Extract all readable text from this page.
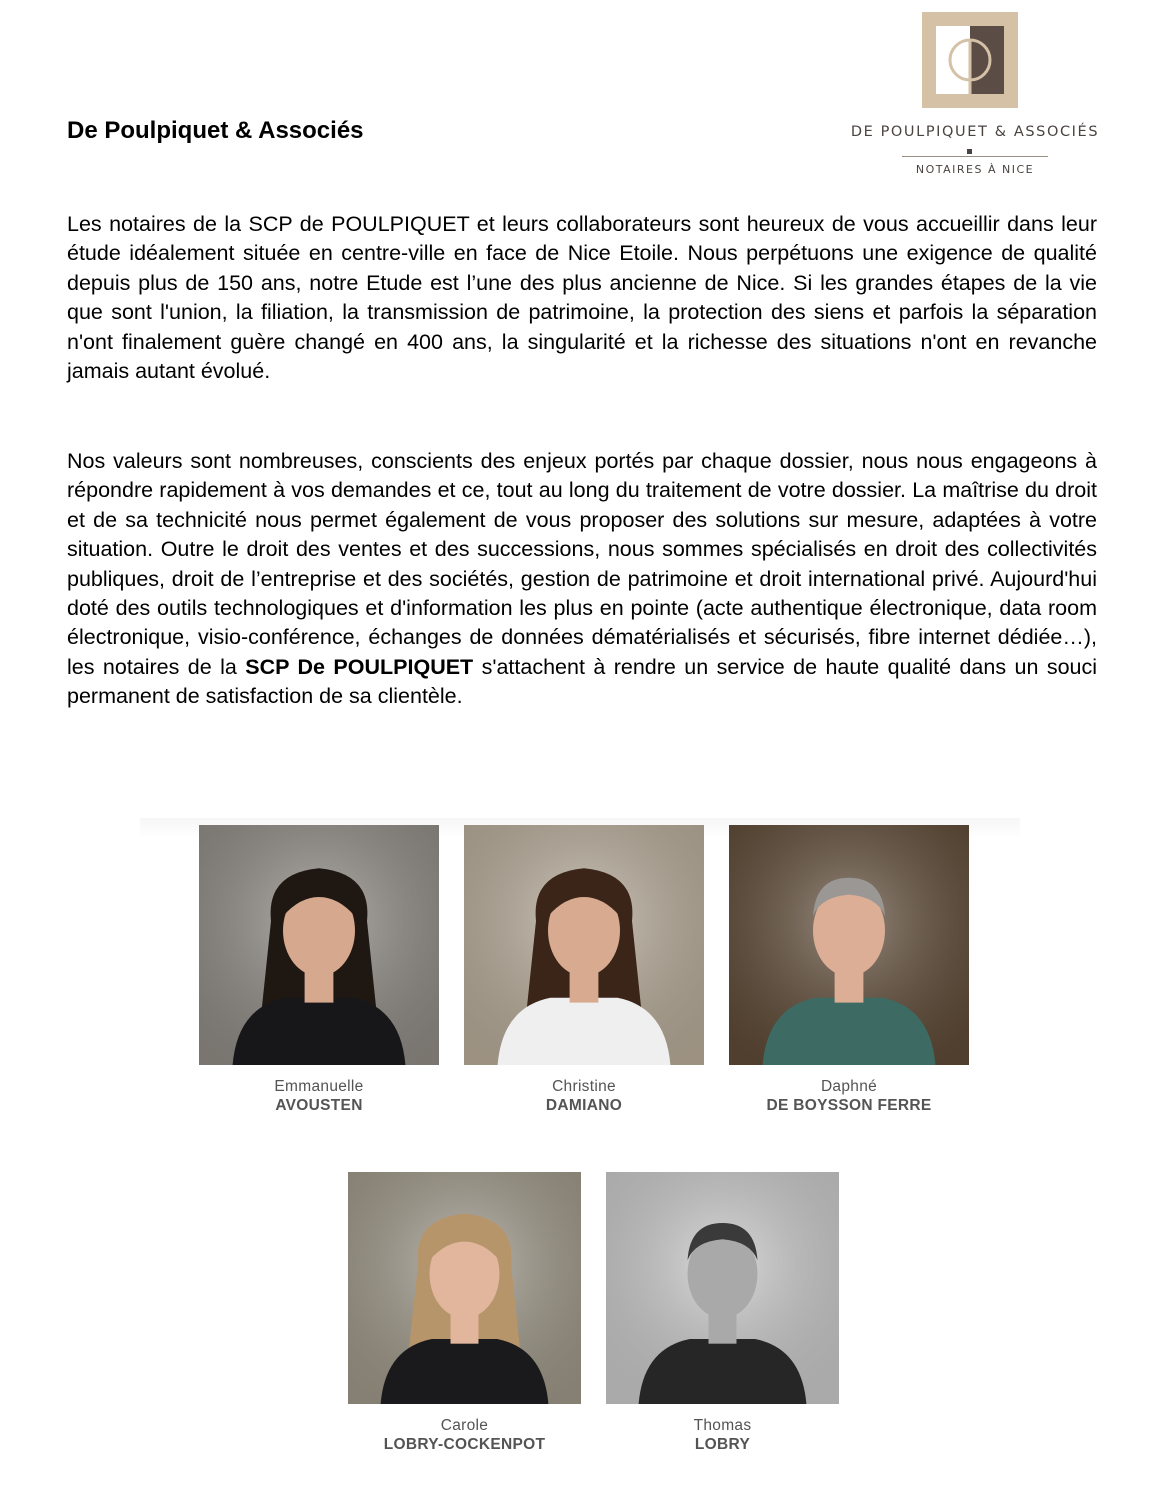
De Poulpiquet & Associés	DE POULPIQUET & ASSOCIÉS
NOTAIRES À NICE

Les notaires de la SCP de POULPIQUET et leurs collaborateurs sont heureux de vous accueillir dans leur étude idéalement située en centre-ville en face de Nice Etoile. Nous perpétuons une exigence de qualité depuis plus de 150 ans, notre Etude est l’une des plus ancienne de Nice. Si les grandes étapes de la vie que sont l'union, la filiation, la transmission de patrimoine, la protection des siens et parfois la séparation n'ont finalement guère changé en 400 ans, la singularité et la richesse des situations n'ont en revanche jamais autant évolué.

Nos valeurs sont nombreuses, conscients des enjeux portés par chaque dossier, nous nous engageons à répondre rapidement à vos demandes et ce, tout au long du traitement de votre dossier. La maîtrise du droit et de sa technicité nous permet également de vous proposer des solutions sur mesure, adaptées à votre situation. Outre le droit des ventes et des successions, nous sommes spécialisés en droit des collectivités publiques, droit de l’entreprise et des sociétés, gestion de patrimoine et droit international privé. Aujourd'hui doté des outils technologiques et d'information les plus en pointe (acte authentique électronique, data room électronique, visio-conférence, échanges de données dématérialisés et sécurisés, fibre internet dédiée…), les notaires de la SCP De POULPIQUET s'attachent à rendre un service de haute qualité dans un souci permanent de satisfaction de sa clientèle.

Emmanuelle
AVOUSTEN
Christine
DAMIANO
Daphné
DE BOYSSON FERRE
Carole
LOBRY-COCKENPOT
Thomas
LOBRY
